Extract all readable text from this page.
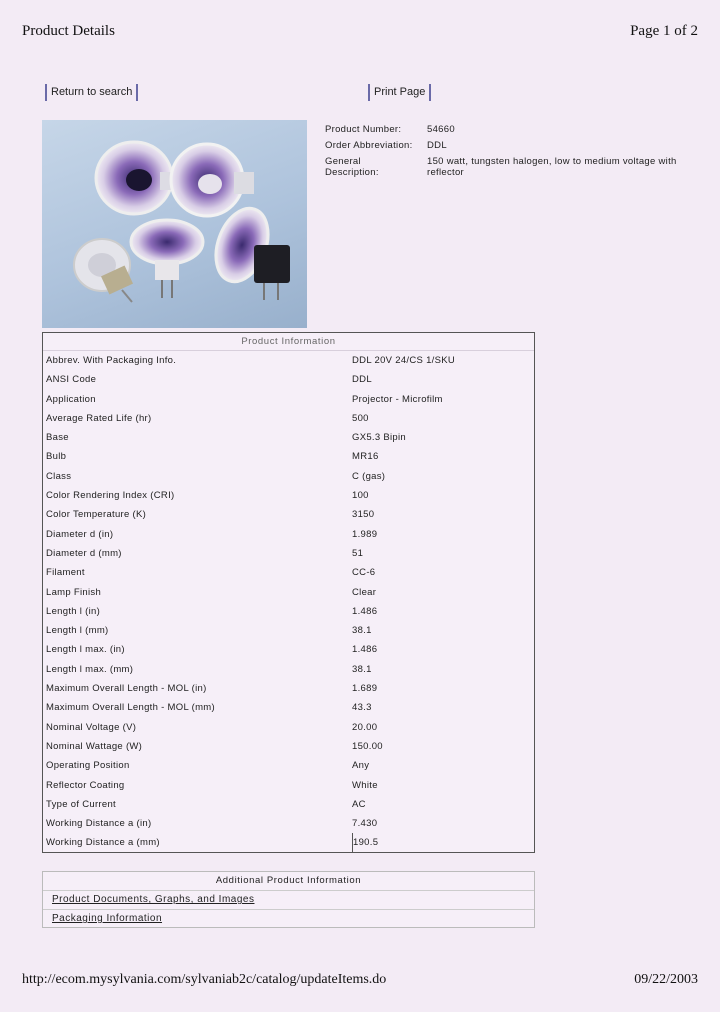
Product Details	Page 1 of 2
Return to search	Print Page
Product Number:	54660
Order Abbreviation:	DDL
General
Description:
150 watt, tungsten halogen, low to medium voltage with reflector
Product Information
Abbrev. With Packaging Info.	DDL 20V 24/CS 1/SKU
ANSI Code	DDL
Application	Projector - Microfilm
Average Rated Life (hr)	500
Base	GX5.3 Bipin
Bulb	MR16
Class	C (gas)
Color Rendering Index (CRI)	100
Color Temperature (K)	3150
Diameter d (in)	1.989
Diameter d (mm)	51
Filament	CC-6
Lamp Finish	Clear
Length l (in)	1.486
Length l (mm)	38.1
Length l max. (in)	1.486
Length l max. (mm)	38.1
Maximum Overall Length - MOL (in)	1.689
Maximum Overall Length - MOL (mm)	43.3
Nominal Voltage (V)	20.00
Nominal Wattage (W)	150.00
Operating Position	Any
Reflector Coating	White
Type of Current	AC
Working Distance a (in)	7.430
Working Distance a (mm)	190.5
Additional Product Information
Product Documents, Graphs, and Images
Packaging Information
http://ecom.mysylvania.com/sylvaniab2c/catalog/updateItems.do	09/22/2003
